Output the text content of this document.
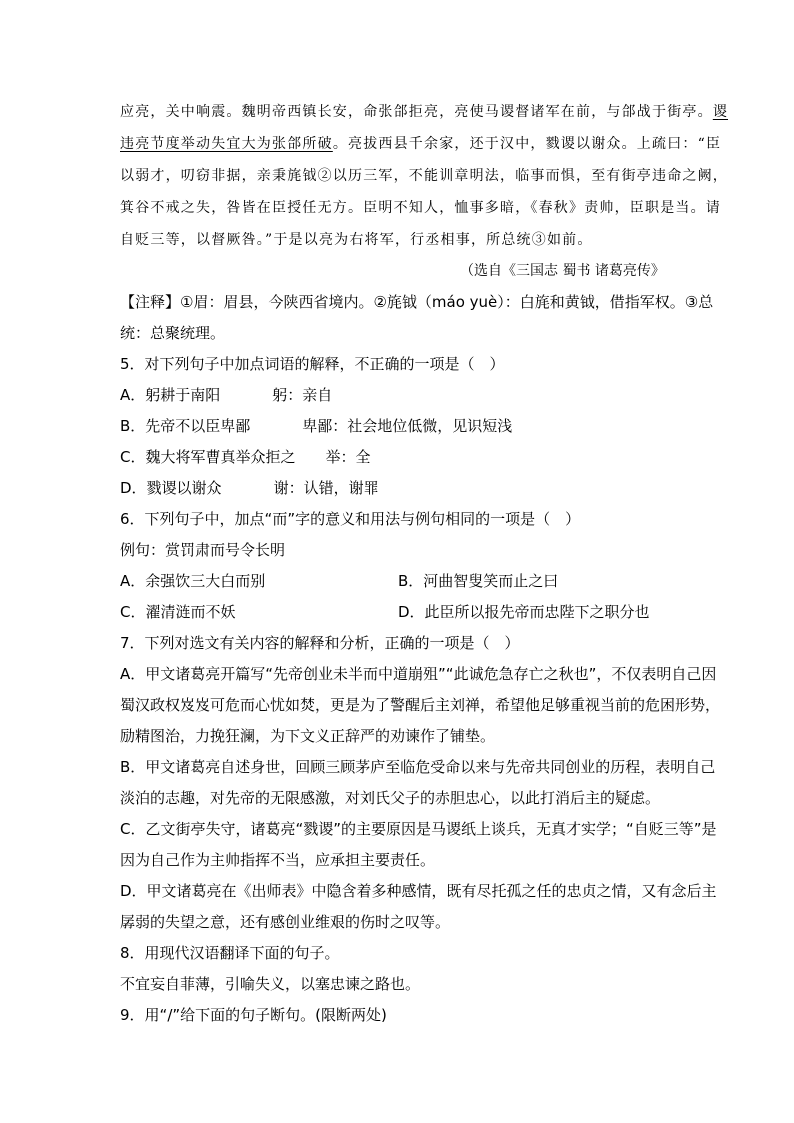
应亮，关中响震。魏明帝西镇长安，命张郃拒亮，亮使马谡督诸军在前，与郃战于街亭。谡
违亮节度举动失宜大为张郃所破。亮拔西县千余家，还于汉中，戮谡以谢众。上疏曰：“臣
以弱才，叨窃非据，亲秉旄钺②以历三军，不能训章明法，临事而惧，至有街亭违命之阙，
箕谷不戒之失，咎皆在臣授任无方。臣明不知人，恤事多暗，《春秋》责帅，臣职是当。请
自贬三等，以督厥咎。”于是以亮为右将军，行丞相事，所总统③如前。
（选自《三国志 蜀书 诸葛亮传》
【注释】①眉：眉县，今陕西省境内。②旄钺（máo yuè）：白旄和黄钺，借指军权。③总
统：总聚统理。
5．对下列句子中加点词语的解释，不正确的一项是（　）
A．躬耕于南阳	躬：亲自
B．先帝不以臣卑鄙	卑鄙：社会地位低微，见识短浅
C．魏大将军曹真举众拒之 举：全
D．戮谡以谢众	谢：认错，谢罪
6．下列句子中，加点“而”字的意义和用法与例句相同的一项是（　）
例句：赏罚肃而号令长明
A．余强饮三大白而别	B．河曲智叟笑而止之曰
C．濯清涟而不妖	D．此臣所以报先帝而忠陛下之职分也
7．下列对选文有关内容的解释和分析，正确的一项是（　）
A．甲文诸葛亮开篇写“先帝创业未半而中道崩殂”“此诚危急存亡之秋也”，不仅表明自己因
蜀汉政权岌岌可危而心忧如焚，更是为了警醒后主刘禅，希望他足够重视当前的危困形势，
励精图治，力挽狂澜，为下文义正辞严的劝谏作了铺垫。
B．甲文诸葛亮自述身世，回顾三顾茅庐至临危受命以来与先帝共同创业的历程，表明自己
淡泊的志趣，对先帝的无限感激，对刘氏父子的赤胆忠心，以此打消后主的疑虑。
C．乙文街亭失守，诸葛亮“戮谡”的主要原因是马谡纸上谈兵，无真才实学；“自贬三等”是
因为自己作为主帅指挥不当，应承担主要责任。
D．甲文诸葛亮在《出师表》中隐含着多种感情，既有尽托孤之任的忠贞之情，又有念后主
孱弱的失望之意，还有感创业维艰的伤时之叹等。
8．用现代汉语翻译下面的句子。
不宜妄自菲薄，引喻失义，以塞忠谏之路也。
9．用“/”给下面的句子断句。(限断两处)
